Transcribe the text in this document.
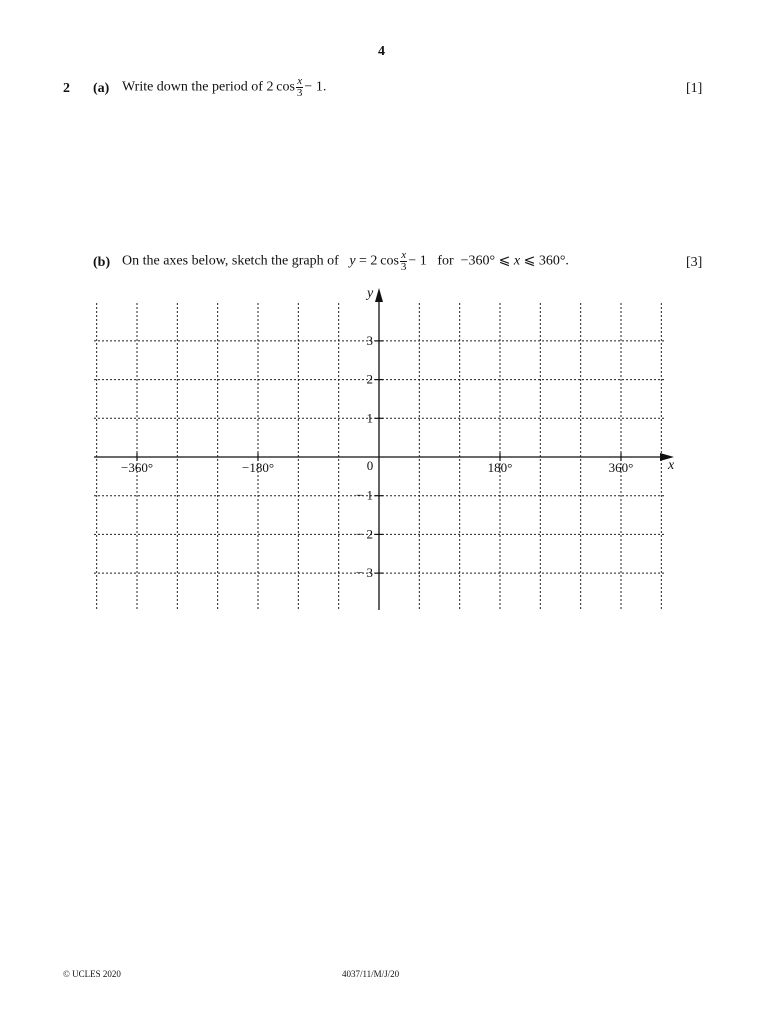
4
2 (a) Write down the period of 2 $\cos \frac{x}{3} - 1$.	[1]
(b) On the axes below, sketch the graph of y = 2 $\cos \frac{x}{3} - 1$ for −360° ⩽ x ⩽ 360°.	[3]
−360°	−180°	180°	360°
3
2
1
− 1
− 2
− 3
0	x
y
© UCLES 2020	4037/11/M/J/20
